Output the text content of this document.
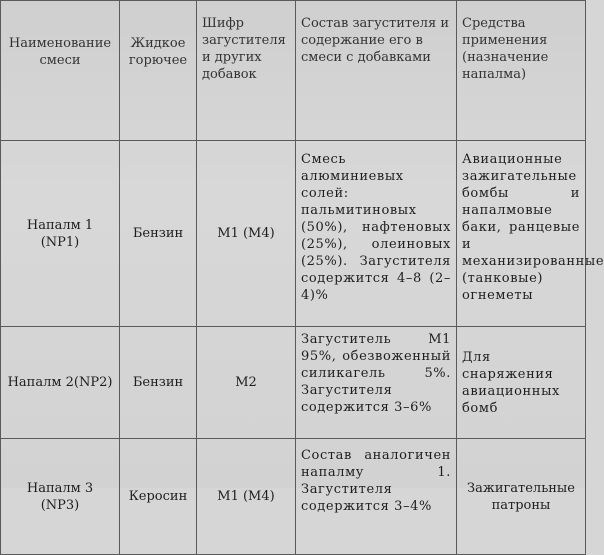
Наименование смеси	Жидкое горючее	Шифр загустителя и других добавок	Состав загустителя и содержание его в смеси с добавками	Средства применения (назначение напалма)
Напалм 1 (NP1)	Бензин	М1 (М4)	Смесь алюминиевых солей: пальмитиновых (50%), нафтеновых (25%), олеиновых (25%). Загустителя содержится 4–8 (2–4)%	Авиационные зажигательные бомбы и напалмовые баки, ранцевые и механизированные (танковые) огнеметы
Напалм 2(NP2)	Бензин	М2	Загуститель М1 95%, обезвоженный силикагель 5%. Загустителя содержится 3–6%	Для снаряжения авиационных бомб
Напалм 3 (NP3)	Керосин	М1 (М4)	Состав аналогичен напалму 1. Загустителя содержится 3–4%	Зажигательные патроны
